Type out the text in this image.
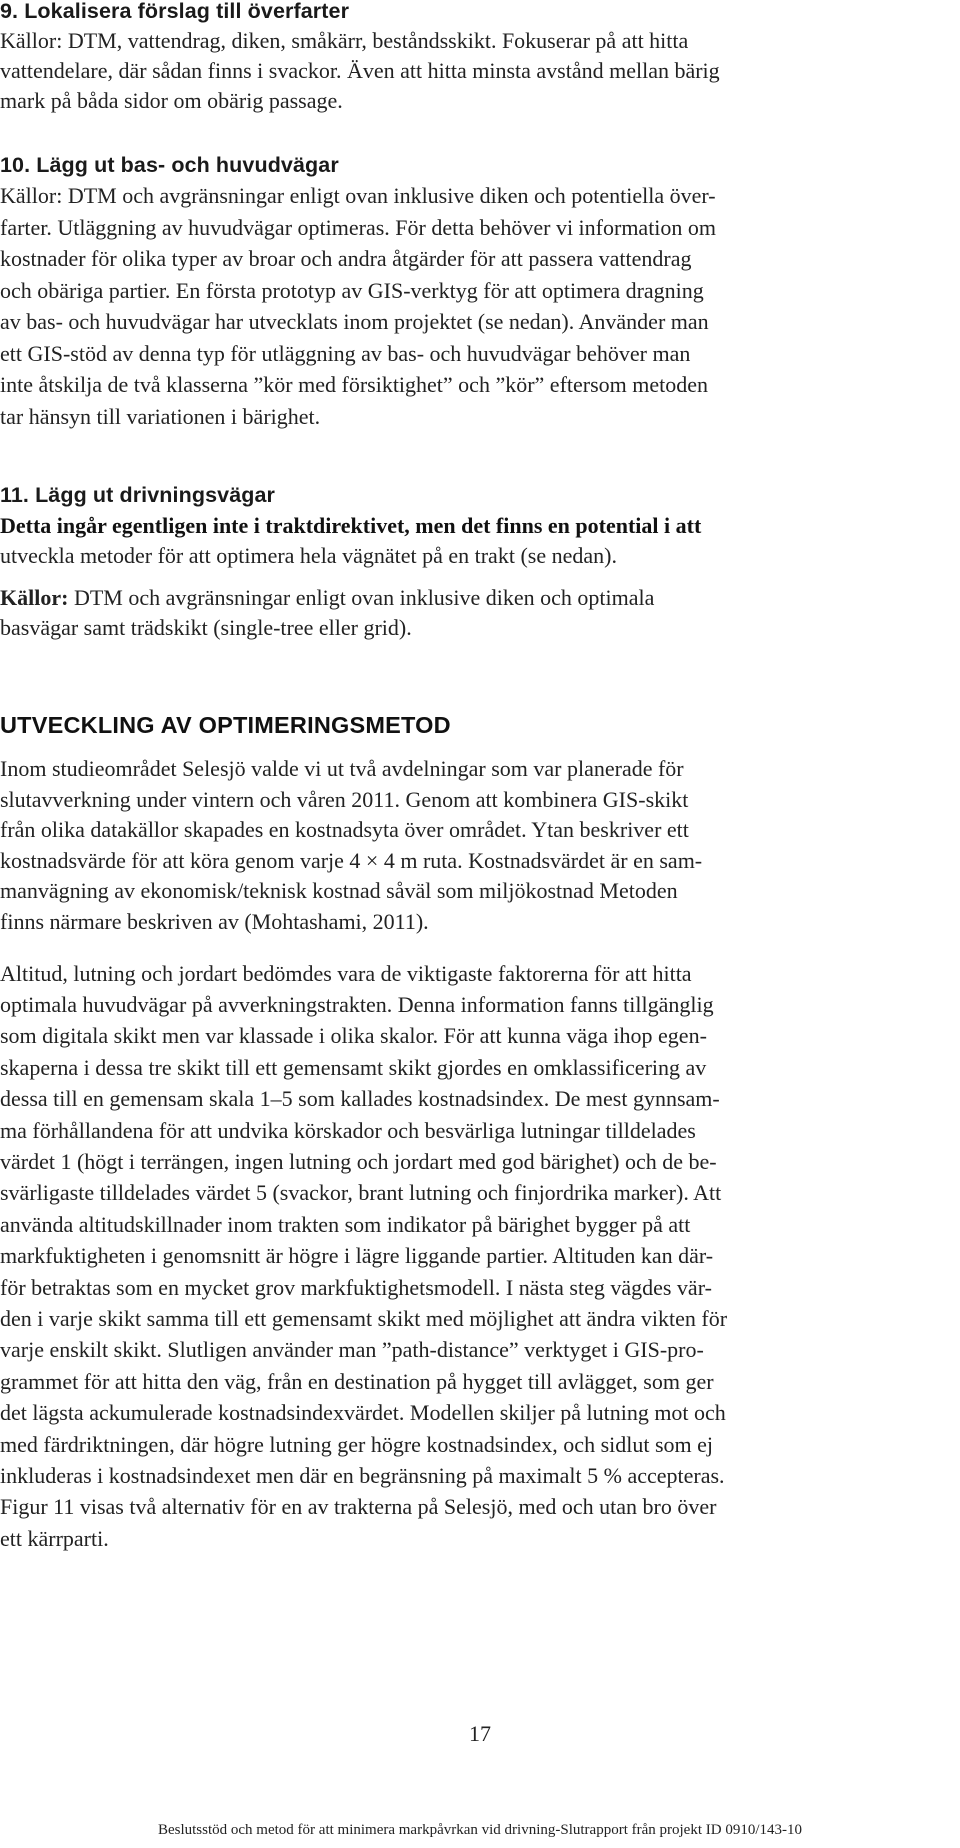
9. Lokalisera förslag till överfarter
Källor: DTM, vattendrag, diken, småkärr, beståndsskikt. Fokuserar på att hitta
vattendelare, där sådan finns i svackor. Även att hitta minsta avstånd mellan bärig
mark på båda sidor om obärig passage.
10. Lägg ut bas- och huvudvägar
Källor: DTM och avgränsningar enligt ovan inklusive diken och potentiella över-
farter. Utläggning av huvudvägar optimeras. För detta behöver vi information om
kostnader för olika typer av broar och andra åtgärder för att passera vattendrag
och obäriga partier. En första prototyp av GIS-verktyg för att optimera dragning
av bas- och huvudvägar har utvecklats inom projektet (se nedan). Använder man
ett GIS-stöd av denna typ för utläggning av bas- och huvudvägar behöver man
inte åtskilja de två klasserna ”kör med försiktighet” och ”kör” eftersom metoden
tar hänsyn till variationen i bärighet.
11. Lägg ut drivningsvägar
Detta ingår egentligen inte i traktdirektivet, men det finns en potential i att
utveckla metoder för att optimera hela vägnätet på en trakt (se nedan).
Källor: DTM och avgränsningar enligt ovan inklusive diken och optimala
basvägar samt trädskikt (single-tree eller grid).
UTVECKLING AV OPTIMERINGSMETOD
Inom studieområdet Selesjö valde vi ut två avdelningar som var planerade för
slutavverkning under vintern och våren 2011. Genom att kombinera GIS-skikt
från olika datakällor skapades en kostnadsyta över området. Ytan beskriver ett
kostnadsvärde för att köra genom varje 4 × 4 m ruta. Kostnadsvärdet är en sam-
manvägning av ekonomisk/teknisk kostnad såväl som miljökostnad Metoden
finns närmare beskriven av (Mohtashami, 2011).
Altitud, lutning och jordart bedömdes vara de viktigaste faktorerna för att hitta
optimala huvudvägar på avverkningstrakten. Denna information fanns tillgänglig
som digitala skikt men var klassade i olika skalor. För att kunna väga ihop egen-
skaperna i dessa tre skikt till ett gemensamt skikt gjordes en omklassificering av
dessa till en gemensam skala 1–5 som kallades kostnadsindex. De mest gynnsam-
ma förhållandena för att undvika körskador och besvärliga lutningar tilldelades
värdet 1 (högt i terrängen, ingen lutning och jordart med god bärighet) och de be-
svärligaste tilldelades värdet 5 (svackor, brant lutning och finjordrika marker). Att
använda altitudskillnader inom trakten som indikator på bärighet bygger på att
markfuktigheten i genomsnitt är högre i lägre liggande partier. Altituden kan där-
för betraktas som en mycket grov markfuktighetsmodell. I nästa steg vägdes vär-
den i varje skikt samma till ett gemensamt skikt med möjlighet att ändra vikten för
varje enskilt skikt. Slutligen använder man ”path-distance” verktyget i GIS-pro-
grammet för att hitta den väg, från en destination på hygget till avlägget, som ger
det lägsta ackumulerade kostnadsindexvärdet. Modellen skiljer på lutning mot och
med färdriktningen, där högre lutning ger högre kostnadsindex, och sidlut som ej
inkluderas i kostnadsindexet men där en begränsning på maximalt 5 % accepteras.
Figur 11 visas två alternativ för en av trakterna på Selesjö, med och utan bro över
ett kärrparti.
17
Beslutsstöd och metod för att minimera markpåvrkan vid drivning-Slutrapport från projekt ID 0910/143-10
